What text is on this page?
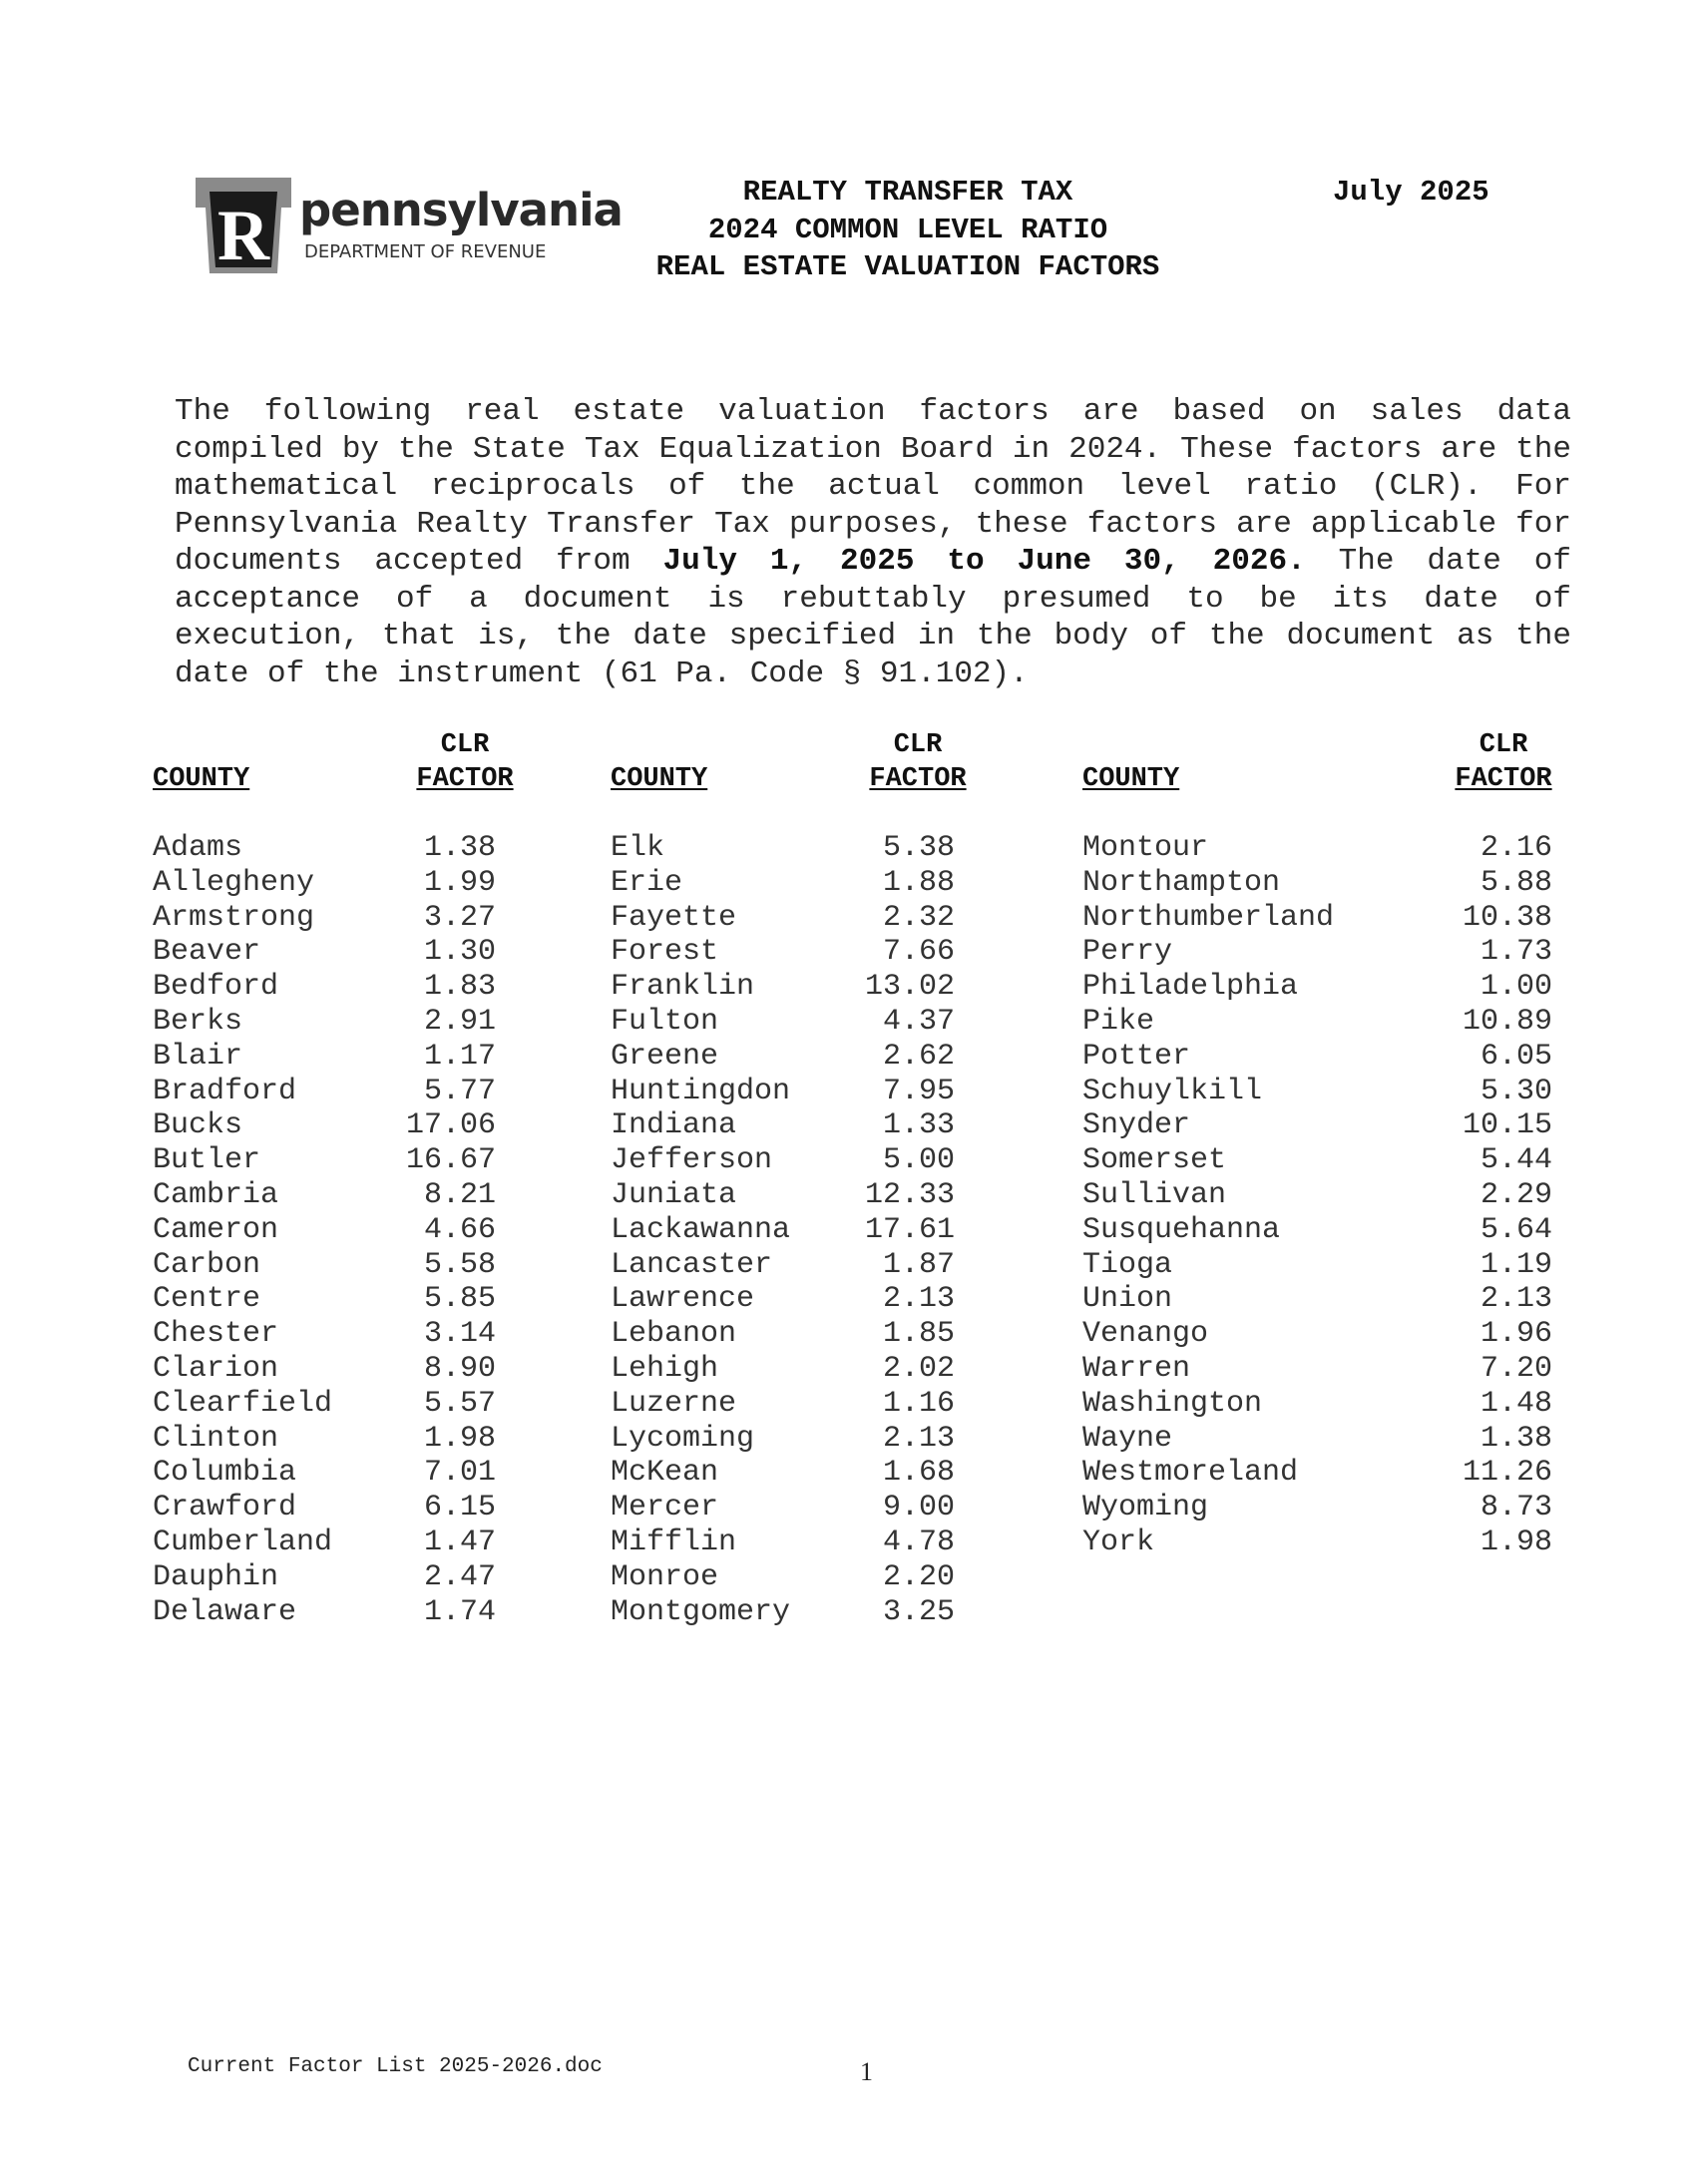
R pennsylvania
DEPARTMENT OF REVENUE
REALTY TRANSFER TAX
2024 COMMON LEVEL RATIO
REAL ESTATE VALUATION FACTORS
July 2025
The following real estate valuation factors are based on sales data compiled by the State Tax Equalization Board in 2024. These factors are the mathematical reciprocals of the actual common level ratio (CLR). For Pennsylvania Realty Transfer Tax purposes, these factors are applicable for documents accepted from July 1, 2025 to June 30, 2026. The date of acceptance of a document is rebuttably presumed to be its date of execution, that is, the date specified in the body of the document as the date of the instrument (61 Pa. Code § 91.102).
COUNTY
CLR
FACTOR
Adams	1.38
Allegheny	1.99
Armstrong	3.27
Beaver	1.30
Bedford	1.83
Berks	2.91
Blair	1.17
Bradford	5.77
Bucks	17.06
Butler	16.67
Cambria	8.21
Cameron	4.66
Carbon	5.58
Centre	5.85
Chester	3.14
Clarion	8.90
Clearfield	5.57
Clinton	1.98
Columbia	7.01
Crawford	6.15
Cumberland	1.47
Dauphin	2.47
Delaware	1.74
COUNTY
CLR
FACTOR
Elk	5.38
Erie	1.88
Fayette	2.32
Forest	7.66
Franklin	13.02
Fulton	4.37
Greene	2.62
Huntingdon	7.95
Indiana	1.33
Jefferson	5.00
Juniata	12.33
Lackawanna 17.61
Lancaster	1.87
Lawrence	2.13
Lebanon	1.85
Lehigh	2.02
Luzerne	1.16
Lycoming	2.13
McKean	1.68
Mercer	9.00
Mifflin	4.78
Monroe	2.20
Montgomery	3.25
COUNTY
CLR
FACTOR
Montour	2.16
Northampton	5.88
Northumberland	10.38
Perry	1.73
Philadelphia	1.00
Pike	10.89
Potter	6.05
Schuylkill	5.30
Snyder	10.15
Somerset	5.44
Sullivan	2.29
Susquehanna	5.64
Tioga	1.19
Union	2.13
Venango	1.96
Warren	7.20
Washington	1.48
Wayne	1.38
Westmoreland	11.26
Wyoming	8.73
York	1.98
Current Factor List 2025-2026.doc	1
